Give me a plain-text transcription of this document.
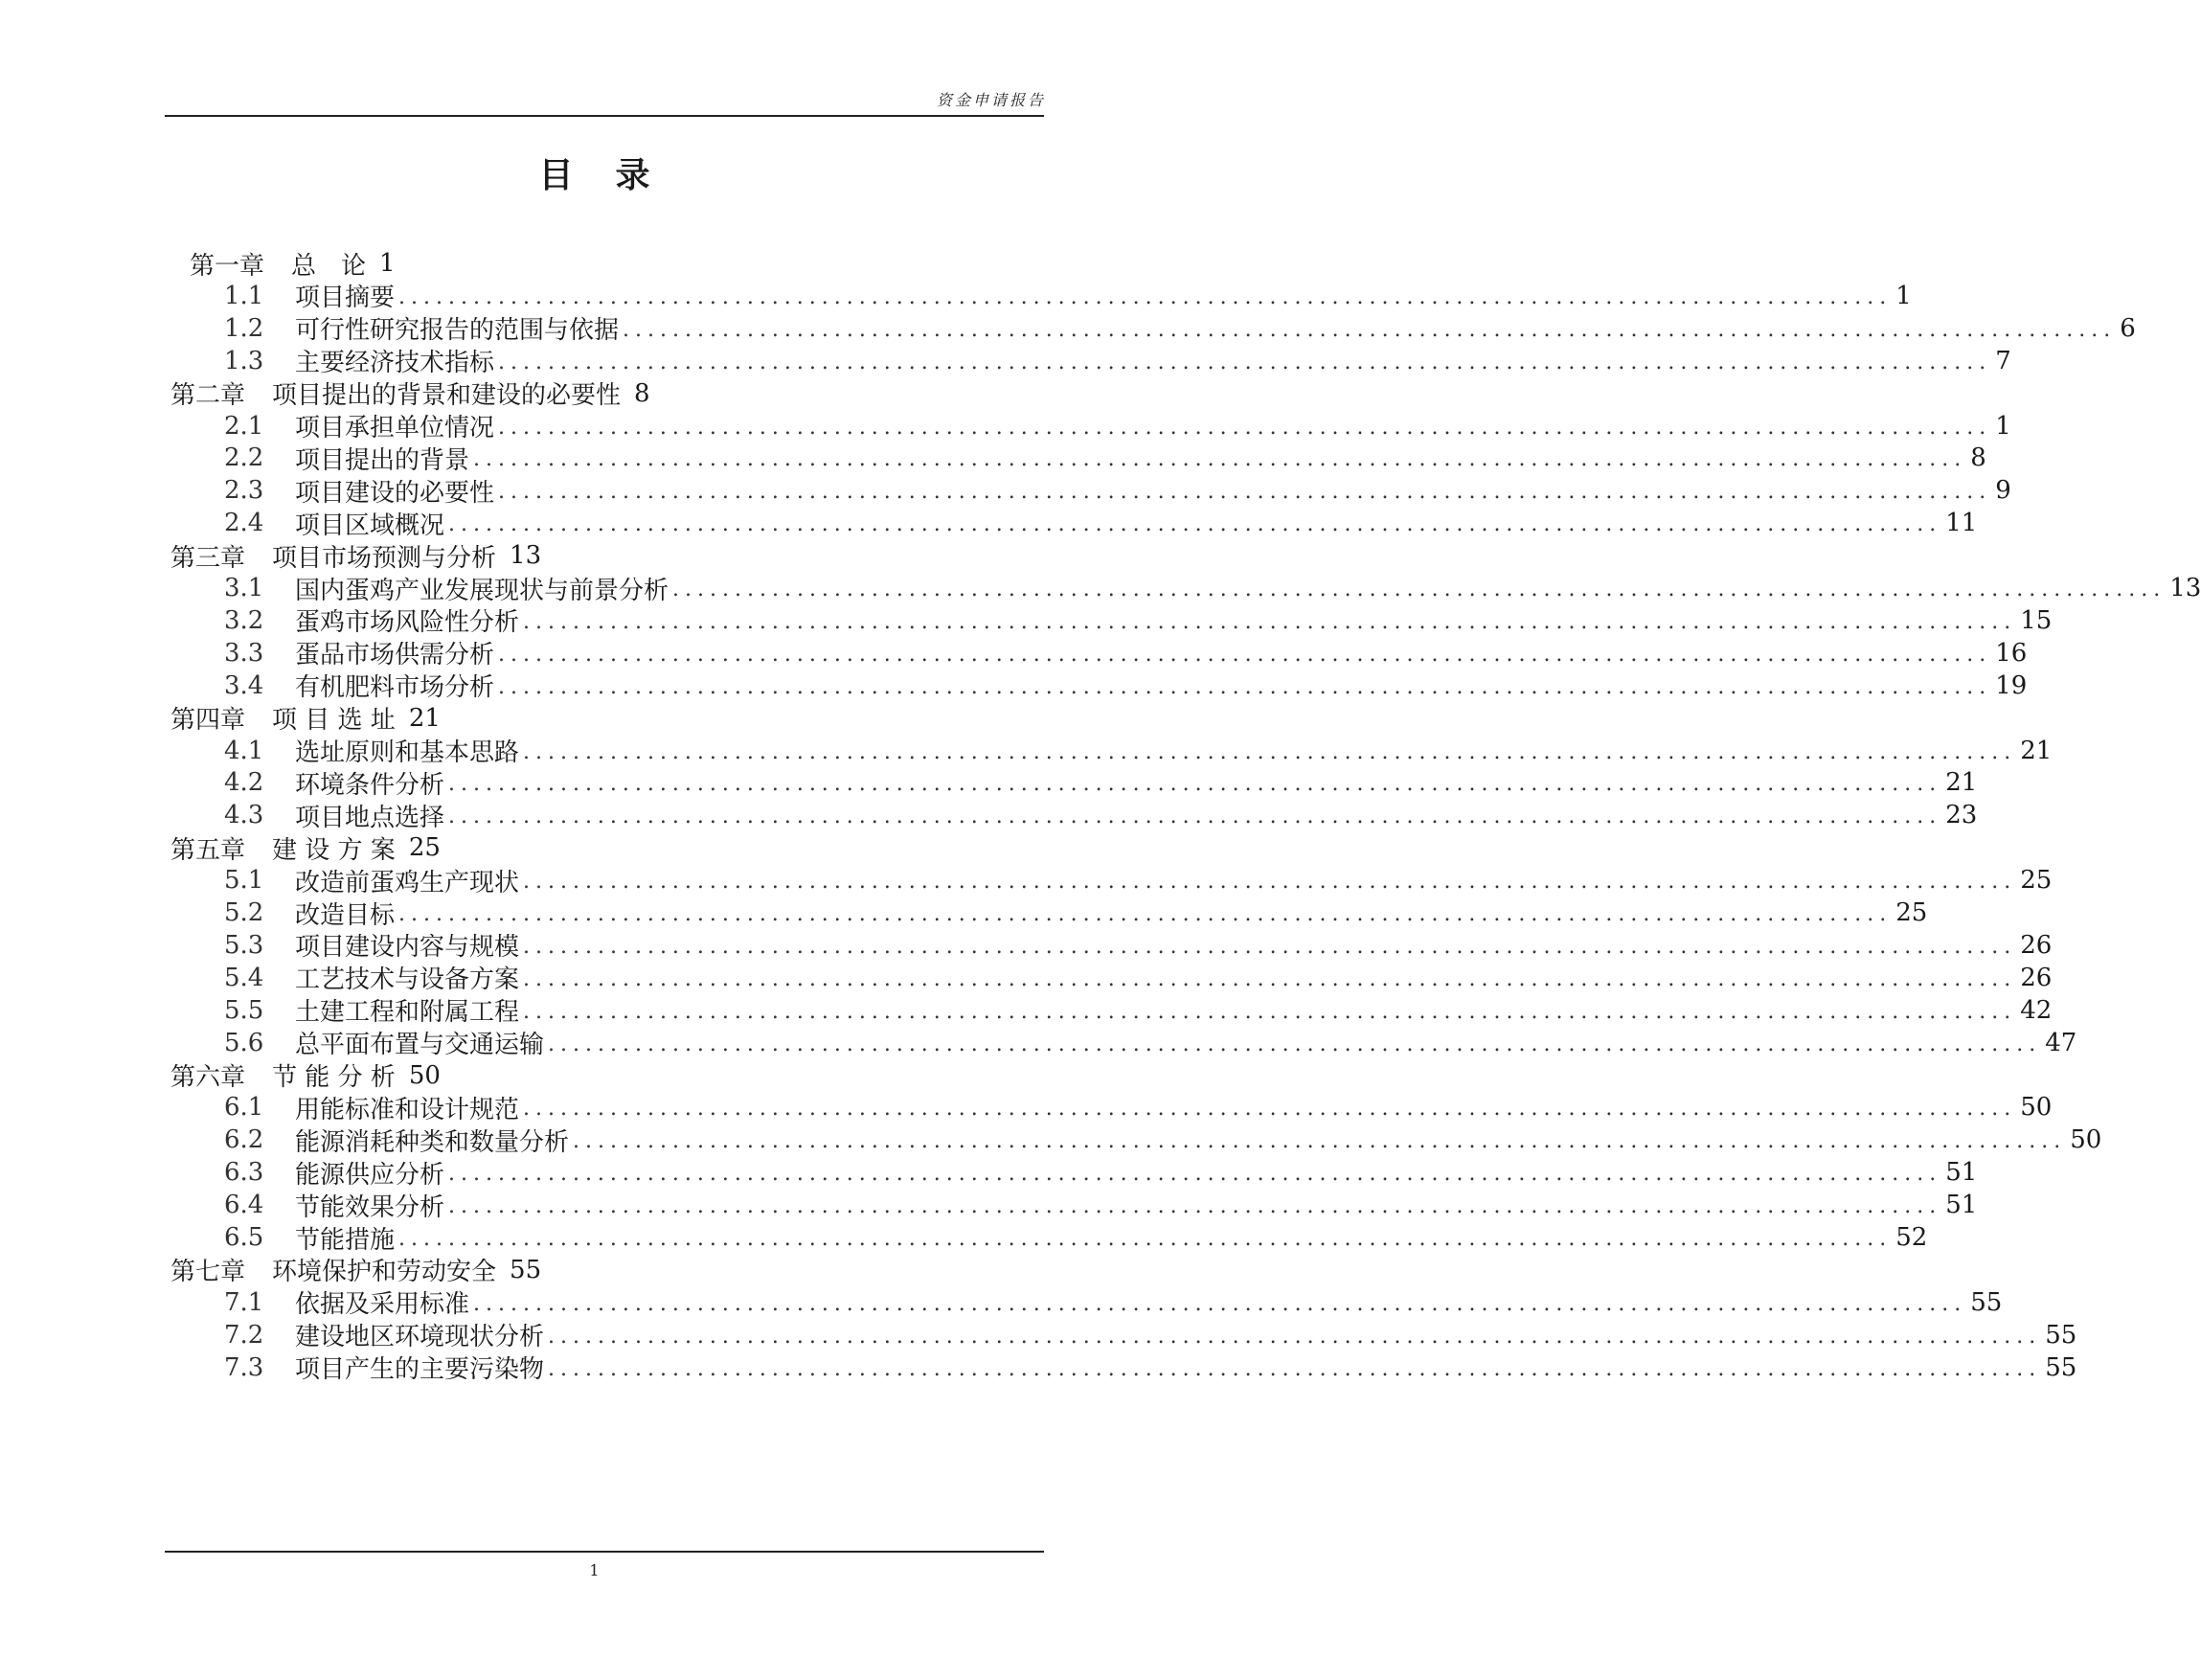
资金申请报告
目录
第一章 总　论 1
1.1	项目摘要 ........................................................................................................................ 1
1.2	可行性研究报告的范围与依据 ........................................................................................................................ 6
1.3	主要经济技术指标 ........................................................................................................................ 7
第二章 项目提出的背景和建设的必要性 8
2.1	项目承担单位情况 ........................................................................................................................ 1
2.2	项目提出的背景 ........................................................................................................................ 8
2.3	项目建设的必要性 ........................................................................................................................ 9
2.4	项目区域概况 ........................................................................................................................ 11
第三章 项目市场预测与分析 13
3.1	国内蛋鸡产业发展现状与前景分析 ........................................................................................................................ 13
3.2	蛋鸡市场风险性分析 ........................................................................................................................ 15
3.3	蛋品市场供需分析 ........................................................................................................................ 16
3.4	有机肥料市场分析 ........................................................................................................................ 19
第四章 项 目 选 址 21
4.1	选址原则和基本思路 ........................................................................................................................ 21
4.2	环境条件分析 ........................................................................................................................ 21
4.3	项目地点选择 ........................................................................................................................ 23
第五章 建 设 方 案 25
5.1	改造前蛋鸡生产现状 ........................................................................................................................ 25
5.2	改造目标 ........................................................................................................................ 25
5.3	项目建设内容与规模 ........................................................................................................................ 26
5.4	工艺技术与设备方案 ........................................................................................................................ 26
5.5	土建工程和附属工程 ........................................................................................................................ 42
5.6	总平面布置与交通运输 ........................................................................................................................ 47
第六章 节 能 分 析 50
6.1	用能标准和设计规范 ........................................................................................................................ 50
6.2	能源消耗种类和数量分析 ........................................................................................................................ 50
6.3	能源供应分析 ........................................................................................................................ 51
6.4	节能效果分析 ........................................................................................................................ 51
6.5	节能措施 ........................................................................................................................ 52
第七章 环境保护和劳动安全 55
7.1	依据及采用标准 ........................................................................................................................ 55
7.2	建设地区环境现状分析 ........................................................................................................................ 55
7.3	项目产生的主要污染物 ........................................................................................................................ 55
1
